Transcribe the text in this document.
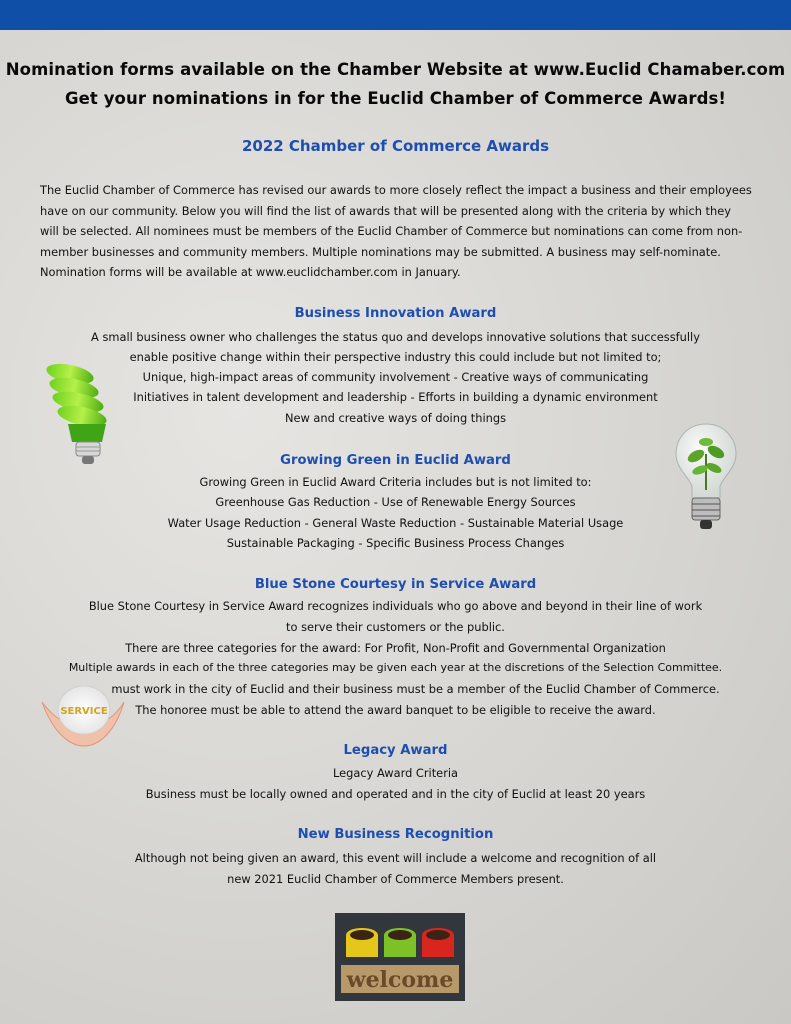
Nomination forms available on the Chamber Website at www.Euclid Chamaber.com
Get your nominations in for the Euclid Chamber of Commerce Awards!
2022 Chamber of Commerce Awards
The Euclid Chamber of Commerce has revised our awards to more closely reflect the impact a business and their employees have on our community. Below you will find the list of awards that will be presented along with the criteria by which they will be selected. All nominees must be members of the Euclid Chamber of Commerce but nominations can come from non-member businesses and community members. Multiple nominations may be submitted. A business may self-nominate. Nomination forms will be available at www.euclidchamber.com in January.
Business Innovation Award
A small business owner who challenges the status quo and develops innovative solutions that successfully
enable positive change within their perspective industry this could include but not limited to;
Unique, high-impact areas of community involvement - Creative ways of communicating
Initiatives in talent development and leadership - Efforts in building a dynamic environment
New and creative ways of doing things
Growing Green in Euclid Award
Growing Green in Euclid Award Criteria includes but is not limited to:
Greenhouse Gas Reduction - Use of Renewable Energy Sources
Water Usage Reduction - General Waste Reduction - Sustainable Material Usage
Sustainable Packaging - Specific Business Process Changes
Blue Stone Courtesy in Service Award
Blue Stone Courtesy in Service Award recognizes individuals who go above and beyond in their line of work
to serve their customers or the public.
There are three categories for the award: For Profit, Non-Profit and Governmental Organization
Multiple awards in each of the three categories may be given each year at the discretions of the Selection Committee.
must work in the city of Euclid and their business must be a member of the Euclid Chamber of Commerce.
The honoree must be able to attend the award banquet to be eligible to receive the award.
Legacy Award
Legacy Award Criteria
Business must be locally owned and operated and in the city of Euclid at least 20 years
New Business Recognition
Although not being given an award, this event will include a welcome and recognition of all
new 2021 Euclid Chamber of Commerce Members present.
SERVICE
welcome
